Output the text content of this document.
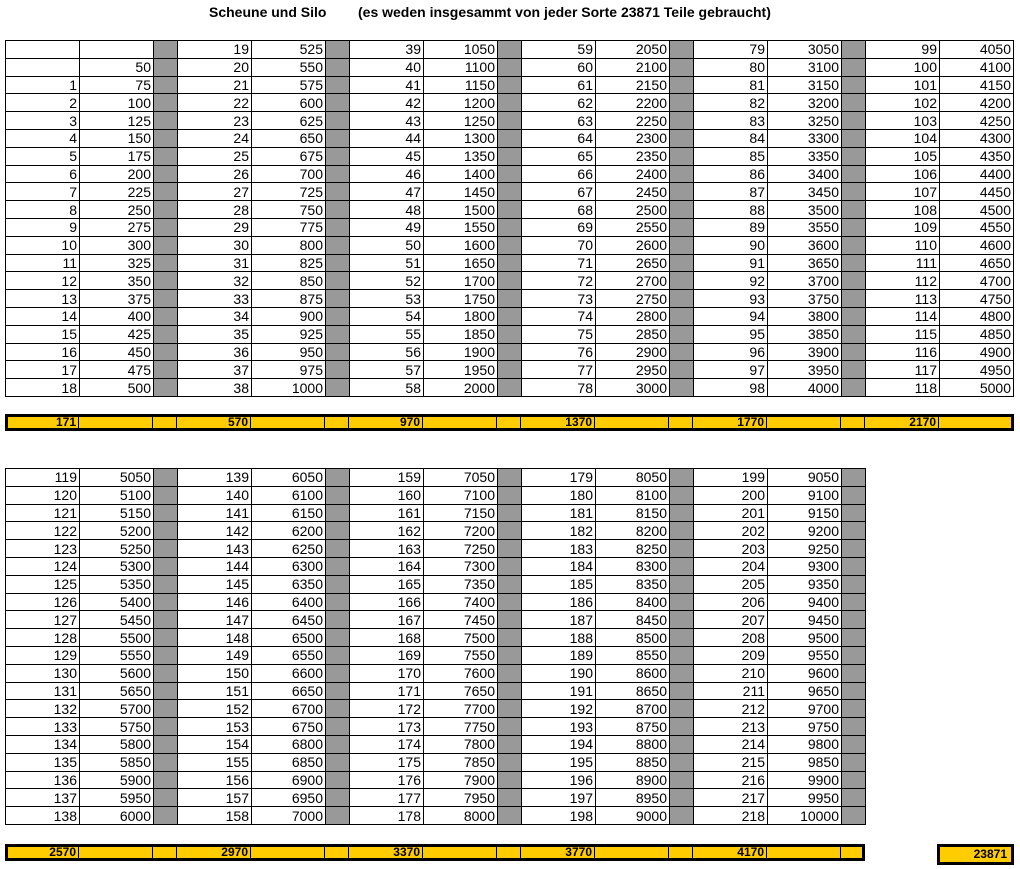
Scheune und Silo (es weden insgesammt von jeder Sorte 23871 Teile gebraucht)
			19	525		39	1050		59	2050		79	3050		99	4050
	50		20	550		40	1100		60	2100		80	3100		100	4100
1	75		21	575		41	1150		61	2150		81	3150		101	4150
2	100		22	600		42	1200		62	2200		82	3200		102	4200
3	125		23	625		43	1250		63	2250		83	3250		103	4250
4	150		24	650		44	1300		64	2300		84	3300		104	4300
5	175		25	675		45	1350		65	2350		85	3350		105	4350
6	200		26	700		46	1400		66	2400		86	3400		106	4400
7	225		27	725		47	1450		67	2450		87	3450		107	4450
8	250		28	750		48	1500		68	2500		88	3500		108	4500
9	275		29	775		49	1550		69	2550		89	3550		109	4550
10	300		30	800		50	1600		70	2600		90	3600		110	4600
11	325		31	825		51	1650		71	2650		91	3650		111	4650
12	350		32	850		52	1700		72	2700		92	3700		112	4700
13	375		33	875		53	1750		73	2750		93	3750		113	4750
14	400		34	900		54	1800		74	2800		94	3800		114	4800
15	425		35	925		55	1850		75	2850		95	3850		115	4850
16	450		36	950		56	1900		76	2900		96	3900		116	4900
17	475		37	975		57	1950		77	2950		97	3950		117	4950
18	500		38	1000		58	2000		78	3000		98	4000		118	5000
171	570	970	1370	1770	2170
119	5050		139	6050		159	7050		179	8050		199	9050	
120	5100		140	6100		160	7100		180	8100		200	9100	
121	5150		141	6150		161	7150		181	8150		201	9150	
122	5200		142	6200		162	7200		182	8200		202	9200	
123	5250		143	6250		163	7250		183	8250		203	9250	
124	5300		144	6300		164	7300		184	8300		204	9300	
125	5350		145	6350		165	7350		185	8350		205	9350	
126	5400		146	6400		166	7400		186	8400		206	9400	
127	5450		147	6450		167	7450		187	8450		207	9450	
128	5500		148	6500		168	7500		188	8500		208	9500	
129	5550		149	6550		169	7550		189	8550		209	9550	
130	5600		150	6600		170	7600		190	8600		210	9600	
131	5650		151	6650		171	7650		191	8650		211	9650	
132	5700		152	6700		172	7700		192	8700		212	9700	
133	5750		153	6750		173	7750		193	8750		213	9750	
134	5800		154	6800		174	7800		194	8800		214	9800	
135	5850		155	6850		175	7850		195	8850		215	9850	
136	5900		156	6900		176	7900		196	8900		216	9900	
137	5950		157	6950		177	7950		197	8950		217	9950	
138	6000		158	7000		178	8000		198	9000		218	10000	
2570	2970	3370	3770	4170	23871
